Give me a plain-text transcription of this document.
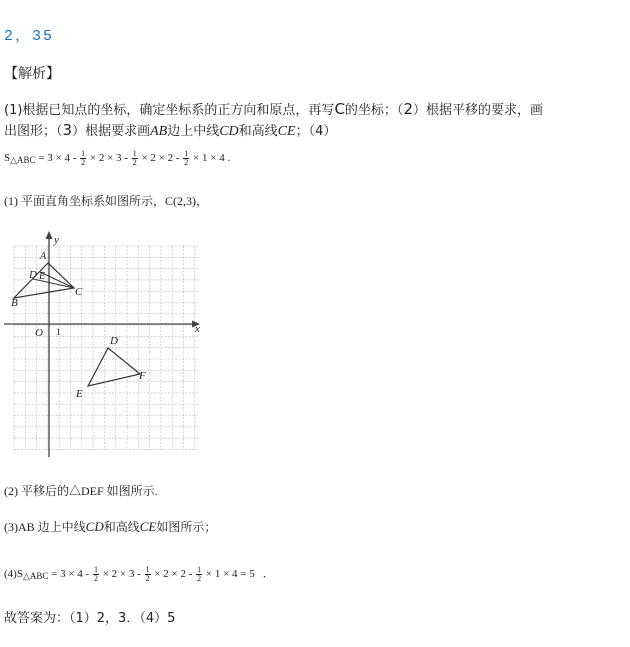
2，35
【解析】
(1)根据已知点的坐标，确定坐标系的正方向和原点，再写C的坐标；（2）根据平移的要求，画
出图形；（3）根据要求画AB边上中线CD和高线CE；（4）
$S_{\triangle ABC} = 3 \times 4 - \frac{1}{2} \times 2 \times 3 - \frac{1}{2} \times 2 \times 2 - \frac{1}{2} \times 1 \times 4$ .
(1) 平面直角坐标系如图所示，C(2,3)，
y
x
O 1
A
B
C
D E
D
E
F
(2) 平移后的△DEF 如图所示.
(3)AB 边上中线CD和高线CE如图所示；
$(4)S_{\triangle ABC} = 3 \times 4 - \frac{1}{2} \times 2 \times 3 - \frac{1}{2} \times 2 \times 2 - \frac{1}{2} \times 1 \times 4 = 5$ ．
故答案为：（1）2，3．（4）5
